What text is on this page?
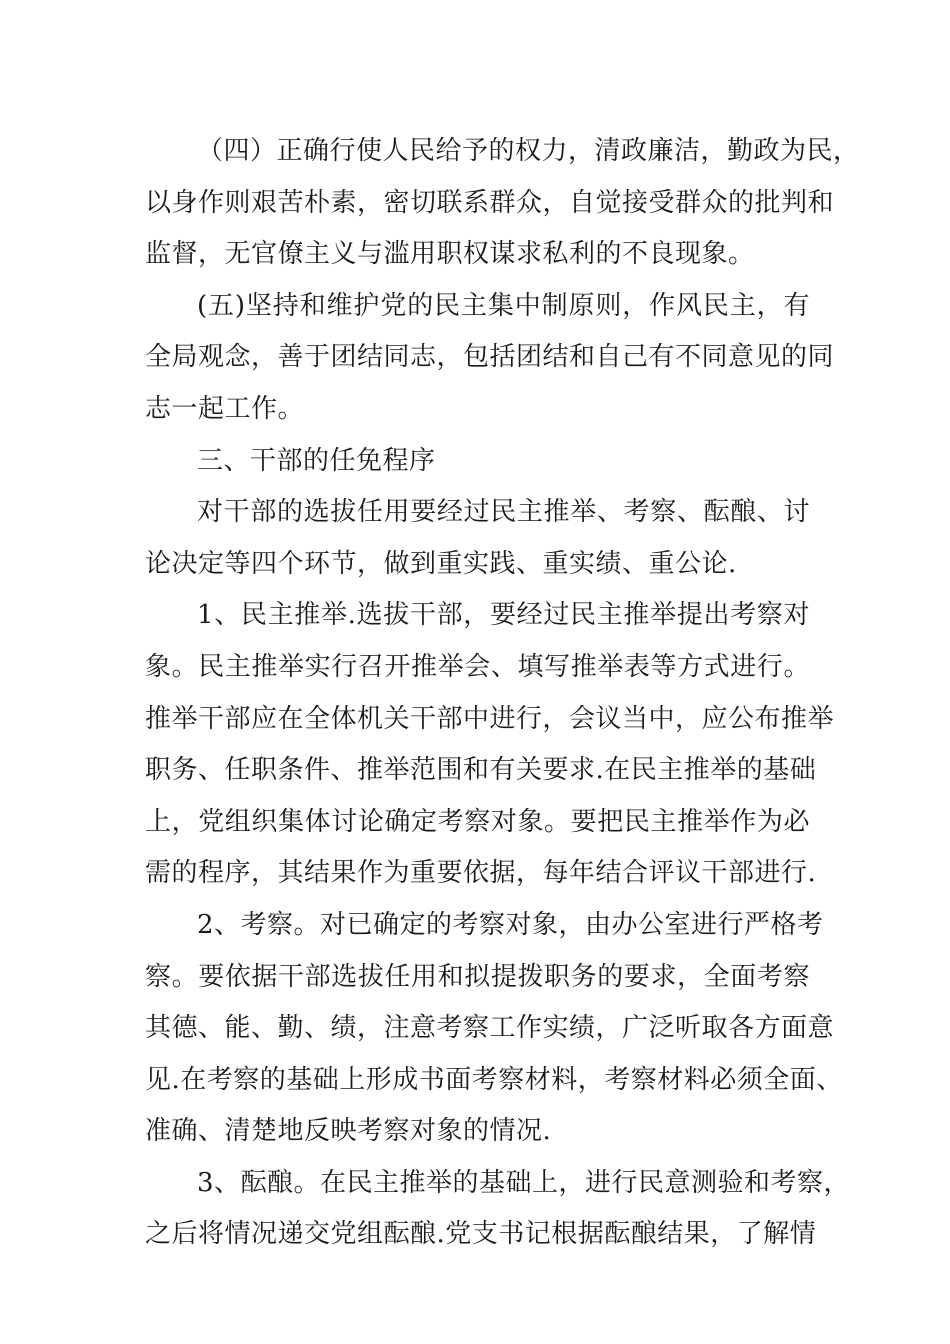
（四）正确行使人民给予的权力，清政廉洁，勤政为民，
以身作则艰苦朴素，密切联系群众，自觉接受群众的批判和
监督，无官僚主义与滥用职权谋求私利的不良现象。
(五)坚持和维护党的民主集中制原则，作风民主，有
全局观念，善于团结同志，包括团结和自己有不同意见的同
志一起工作。
三、干部的任免程序
对干部的选拔任用要经过民主推举、考察、酝酿、讨
论决定等四个环节，做到重实践、重实绩、重公论.
1、民主推举.选拔干部，要经过民主推举提出考察对
象。民主推举实行召开推举会、填写推举表等方式进行。
推举干部应在全体机关干部中进行，会议当中，应公布推举
职务、任职条件、推举范围和有关要求.在民主推举的基础
上，党组织集体讨论确定考察对象。要把民主推举作为必
需的程序，其结果作为重要依据，每年结合评议干部进行.
2、考察。对已确定的考察对象，由办公室进行严格考
察。要依据干部选拔任用和拟提拨职务的要求，全面考察
其德、能、勤、绩，注意考察工作实绩，广泛听取各方面意
见.在考察的基础上形成书面考察材料，考察材料必须全面、
准确、清楚地反映考察对象的情况.
3、酝酿。在民主推举的基础上，进行民意测验和考察，
之后将情况递交党组酝酿.党支书记根据酝酿结果，了解情
